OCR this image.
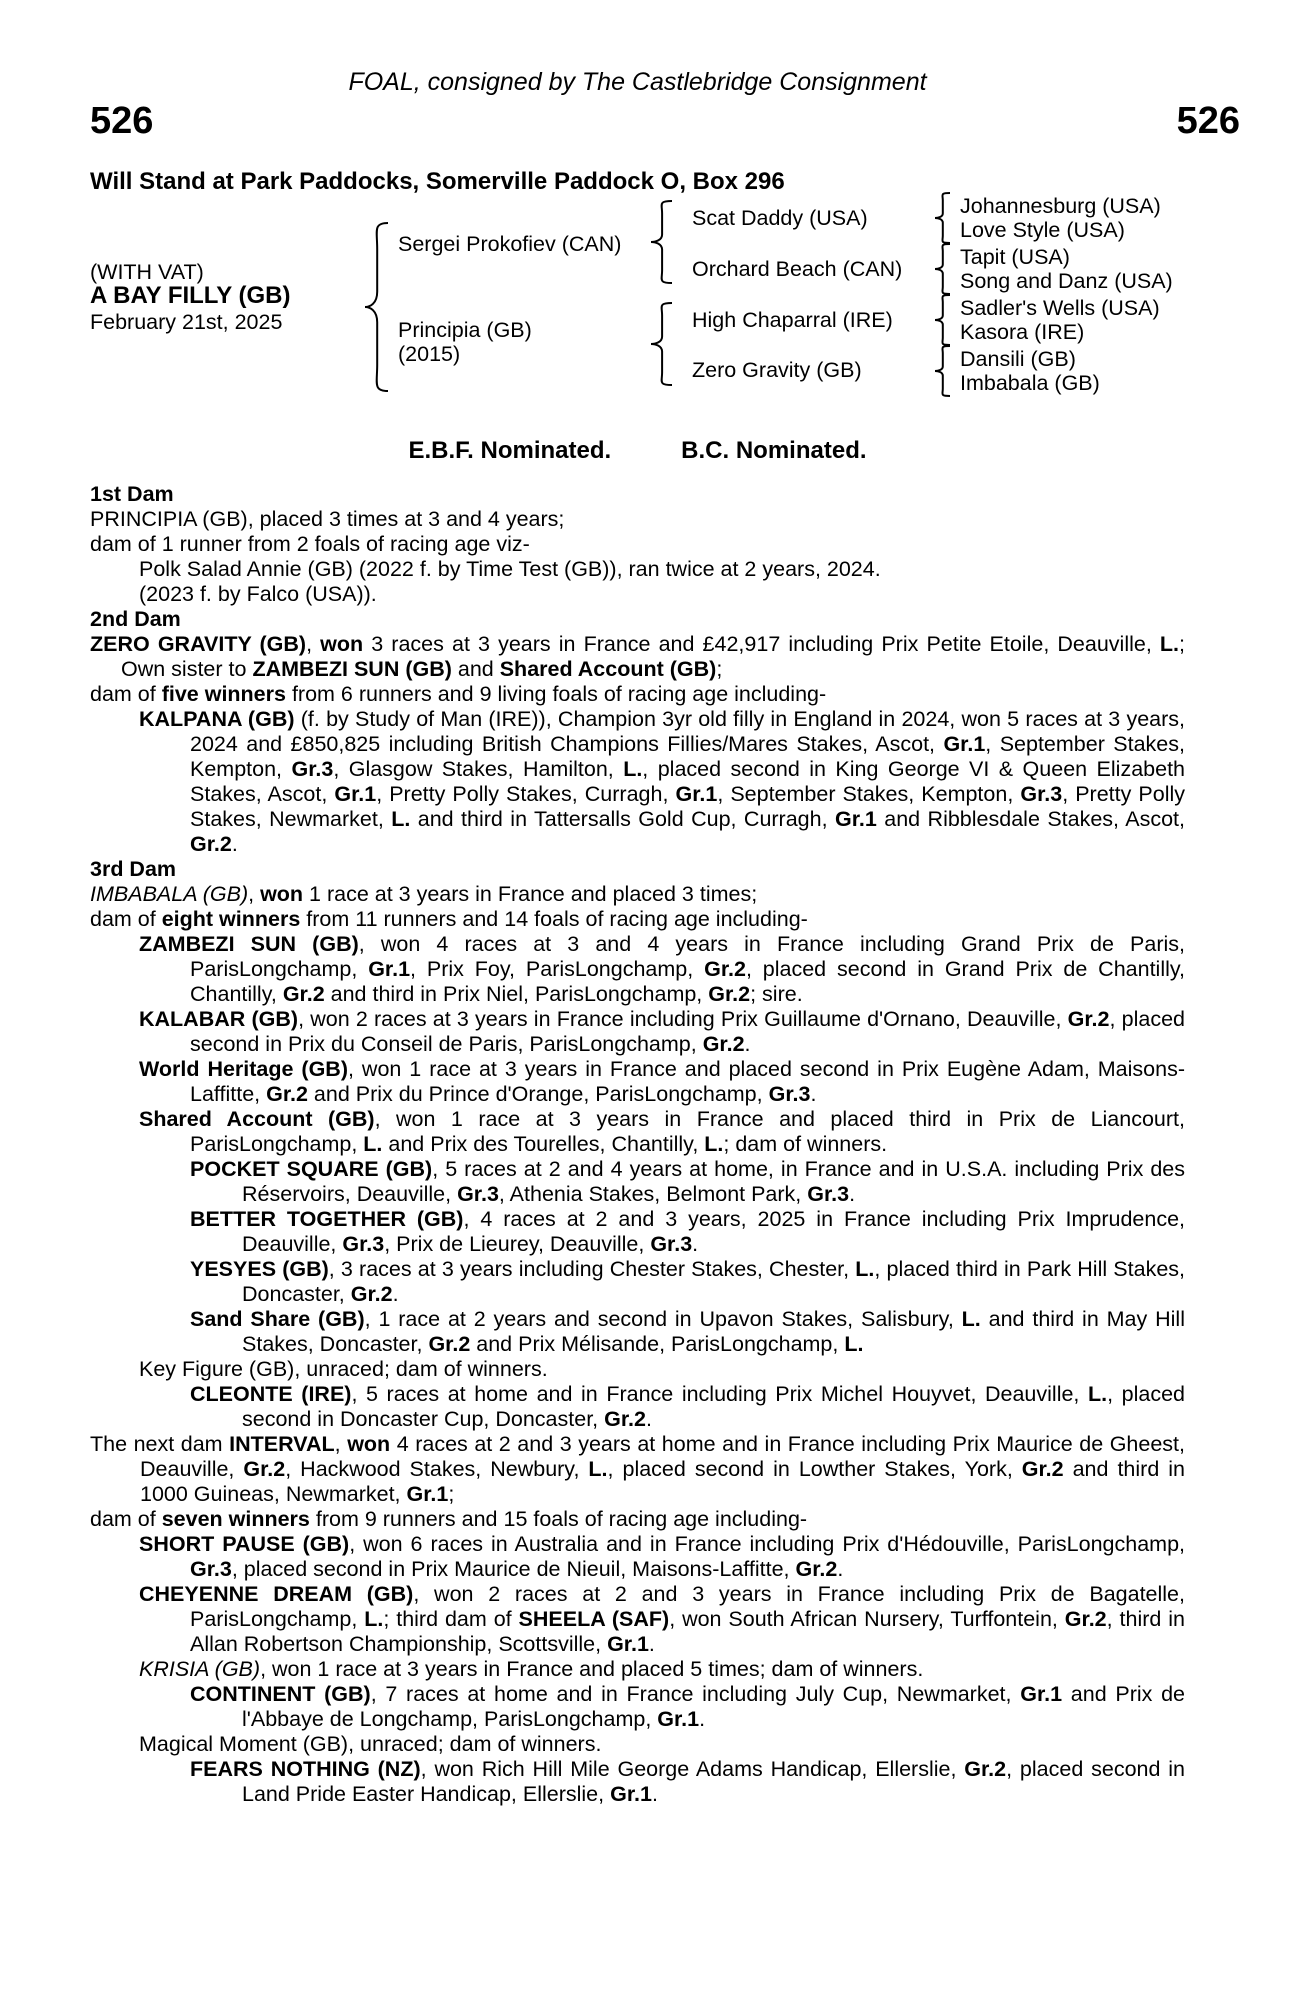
FOAL, consigned by The Castlebridge Consignment
526	526
Will Stand at Park Paddocks, Somerville Paddock O, Box 296
(WITH VAT)
A BAY FILLY (GB)
February 21st, 2025
Sergei Prokofiev (CAN)
Principia (GB)
(2015)
Scat Daddy (USA)
Orchard Beach (CAN)
High Chaparral (IRE)
Zero Gravity (GB)
Johannesburg (USA)
Love Style (USA)
Tapit (USA)
Song and Danz (USA)
Sadler's Wells (USA)
Kasora (IRE)
Dansili (GB)
Imbabala (GB)
E.B.F. Nominated.	B.C. Nominated.
1st Dam

PRINCIPIA (GB), placed 3 times at 3 and 4 years;

dam of 1 runner from 2 foals of racing age viz-

Polk Salad Annie (GB) (2022 f. by Time Test (GB)), ran twice at 2 years, 2024.

(2023 f. by Falco (USA)).

2nd Dam

ZERO GRAVITY (GB), won 3 races at 3 years in France and £42,917 including Prix Petite Etoile, Deauville, L.; Own sister to ZAMBEZI SUN (GB) and Shared Account (GB);

dam of five winners from 6 runners and 9 living foals of racing age including-

KALPANA (GB) (f. by Study of Man (IRE)), Champion 3yr old filly in England in 2024, won 5 races at 3 years, 2024 and £850,825 including British Champions Fillies/Mares Stakes, Ascot, Gr.1, September Stakes, Kempton, Gr.3, Glasgow Stakes, Hamilton, L., placed second in King George VI & Queen Elizabeth Stakes, Ascot, Gr.1, Pretty Polly Stakes, Curragh, Gr.1, September Stakes, Kempton, Gr.3, Pretty Polly Stakes, Newmarket, L. and third in Tattersalls Gold Cup, Curragh, Gr.1 and Ribblesdale Stakes, Ascot, Gr.2.

3rd Dam

IMBABALA (GB), won 1 race at 3 years in France and placed 3 times;

dam of eight winners from 11 runners and 14 foals of racing age including-

ZAMBEZI SUN (GB), won 4 races at 3 and 4 years in France including Grand Prix de Paris, ParisLongchamp, Gr.1, Prix Foy, ParisLongchamp, Gr.2, placed second in Grand Prix de Chantilly, Chantilly, Gr.2 and third in Prix Niel, ParisLongchamp, Gr.2; sire.

KALABAR (GB), won 2 races at 3 years in France including Prix Guillaume d'Ornano, Deauville, Gr.2, placed second in Prix du Conseil de Paris, ParisLongchamp, Gr.2.

World Heritage (GB), won 1 race at 3 years in France and placed second in Prix Eugène Adam, Maisons-Laffitte, Gr.2 and Prix du Prince d'Orange, ParisLongchamp, Gr.3.

Shared Account (GB), won 1 race at 3 years in France and placed third in Prix de Liancourt, ParisLongchamp, L. and Prix des Tourelles, Chantilly, L.; dam of winners.

POCKET SQUARE (GB), 5 races at 2 and 4 years at home, in France and in U.S.A. including Prix des Réservoirs, Deauville, Gr.3, Athenia Stakes, Belmont Park, Gr.3.

BETTER TOGETHER (GB), 4 races at 2 and 3 years, 2025 in France including Prix Imprudence, Deauville, Gr.3, Prix de Lieurey, Deauville, Gr.3.

YESYES (GB), 3 races at 3 years including Chester Stakes, Chester, L., placed third in Park Hill Stakes, Doncaster, Gr.2.

Sand Share (GB), 1 race at 2 years and second in Upavon Stakes, Salisbury, L. and third in May Hill Stakes, Doncaster, Gr.2 and Prix Mélisande, ParisLongchamp, L.

Key Figure (GB), unraced; dam of winners.

CLEONTE (IRE), 5 races at home and in France including Prix Michel Houyvet, Deauville, L., placed second in Doncaster Cup, Doncaster, Gr.2.

The next dam INTERVAL, won 4 races at 2 and 3 years at home and in France including Prix Maurice de Gheest, Deauville, Gr.2, Hackwood Stakes, Newbury, L., placed second in Lowther Stakes, York, Gr.2 and third in 1000 Guineas, Newmarket, Gr.1;

dam of seven winners from 9 runners and 15 foals of racing age including-

SHORT PAUSE (GB), won 6 races in Australia and in France including Prix d'Hédouville, ParisLongchamp, Gr.3, placed second in Prix Maurice de Nieuil, Maisons-Laffitte, Gr.2.

CHEYENNE DREAM (GB), won 2 races at 2 and 3 years in France including Prix de Bagatelle, ParisLongchamp, L.; third dam of SHEELA (SAF), won South African Nursery, Turffontein, Gr.2, third in Allan Robertson Championship, Scottsville, Gr.1.

KRISIA (GB), won 1 race at 3 years in France and placed 5 times; dam of winners.

CONTINENT (GB), 7 races at home and in France including July Cup, Newmarket, Gr.1 and Prix de l'Abbaye de Longchamp, ParisLongchamp, Gr.1.

Magical Moment (GB), unraced; dam of winners.

FEARS NOTHING (NZ), won Rich Hill Mile George Adams Handicap, Ellerslie, Gr.2, placed second in Land Pride Easter Handicap, Ellerslie, Gr.1.
